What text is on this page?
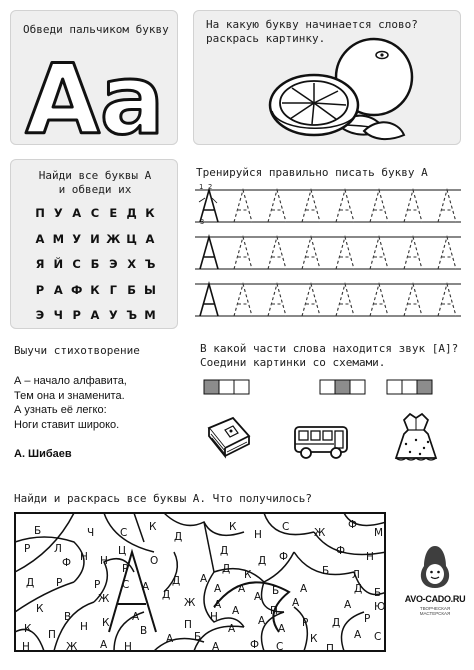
Обведи пальчиком букву
Aa
На какую букву начинается слово?
раскрась картинку.
Найди все буквы А
и обведи их
П У А С Е Д К
А М У И Ж Ц А
Я Й С Б Э Х Ъ
Р А Ф К Г Б Ы
Э Ч Р А У Ъ М
Тренируйся правильно писать букву А
1 2
3
Выучи стихотворение

А – начало алфавита,

Тем она и знаменита.

А узнать её легко:

Ноги ставит широко.

А. Шибаев
В какой части слова находится звук [А]?
Соедини картинки со схемами.
Найди и раскрась все буквы А. Что получилось?
Б	Ч С К
Д
К
Н
С Ж
Ф
М
Р Л
Н Н
Ц
О
Д
Д Ф	Ф Н
Ф	Р	Д К	Б Л
Д Р	Р С А Д А
А А
А Б А	Д Б
Ж	Д
Ж А А
А
К
В	А	Н	П	А Ю
Н К
В	П	А
А
А Р Д Р
К П	А Б	К	А С
Н	Ж А Н	А	Ф С	П
AVO-CADO.RU
ТВОРЧЕСКАЯ МАСТЕРСКАЯ
